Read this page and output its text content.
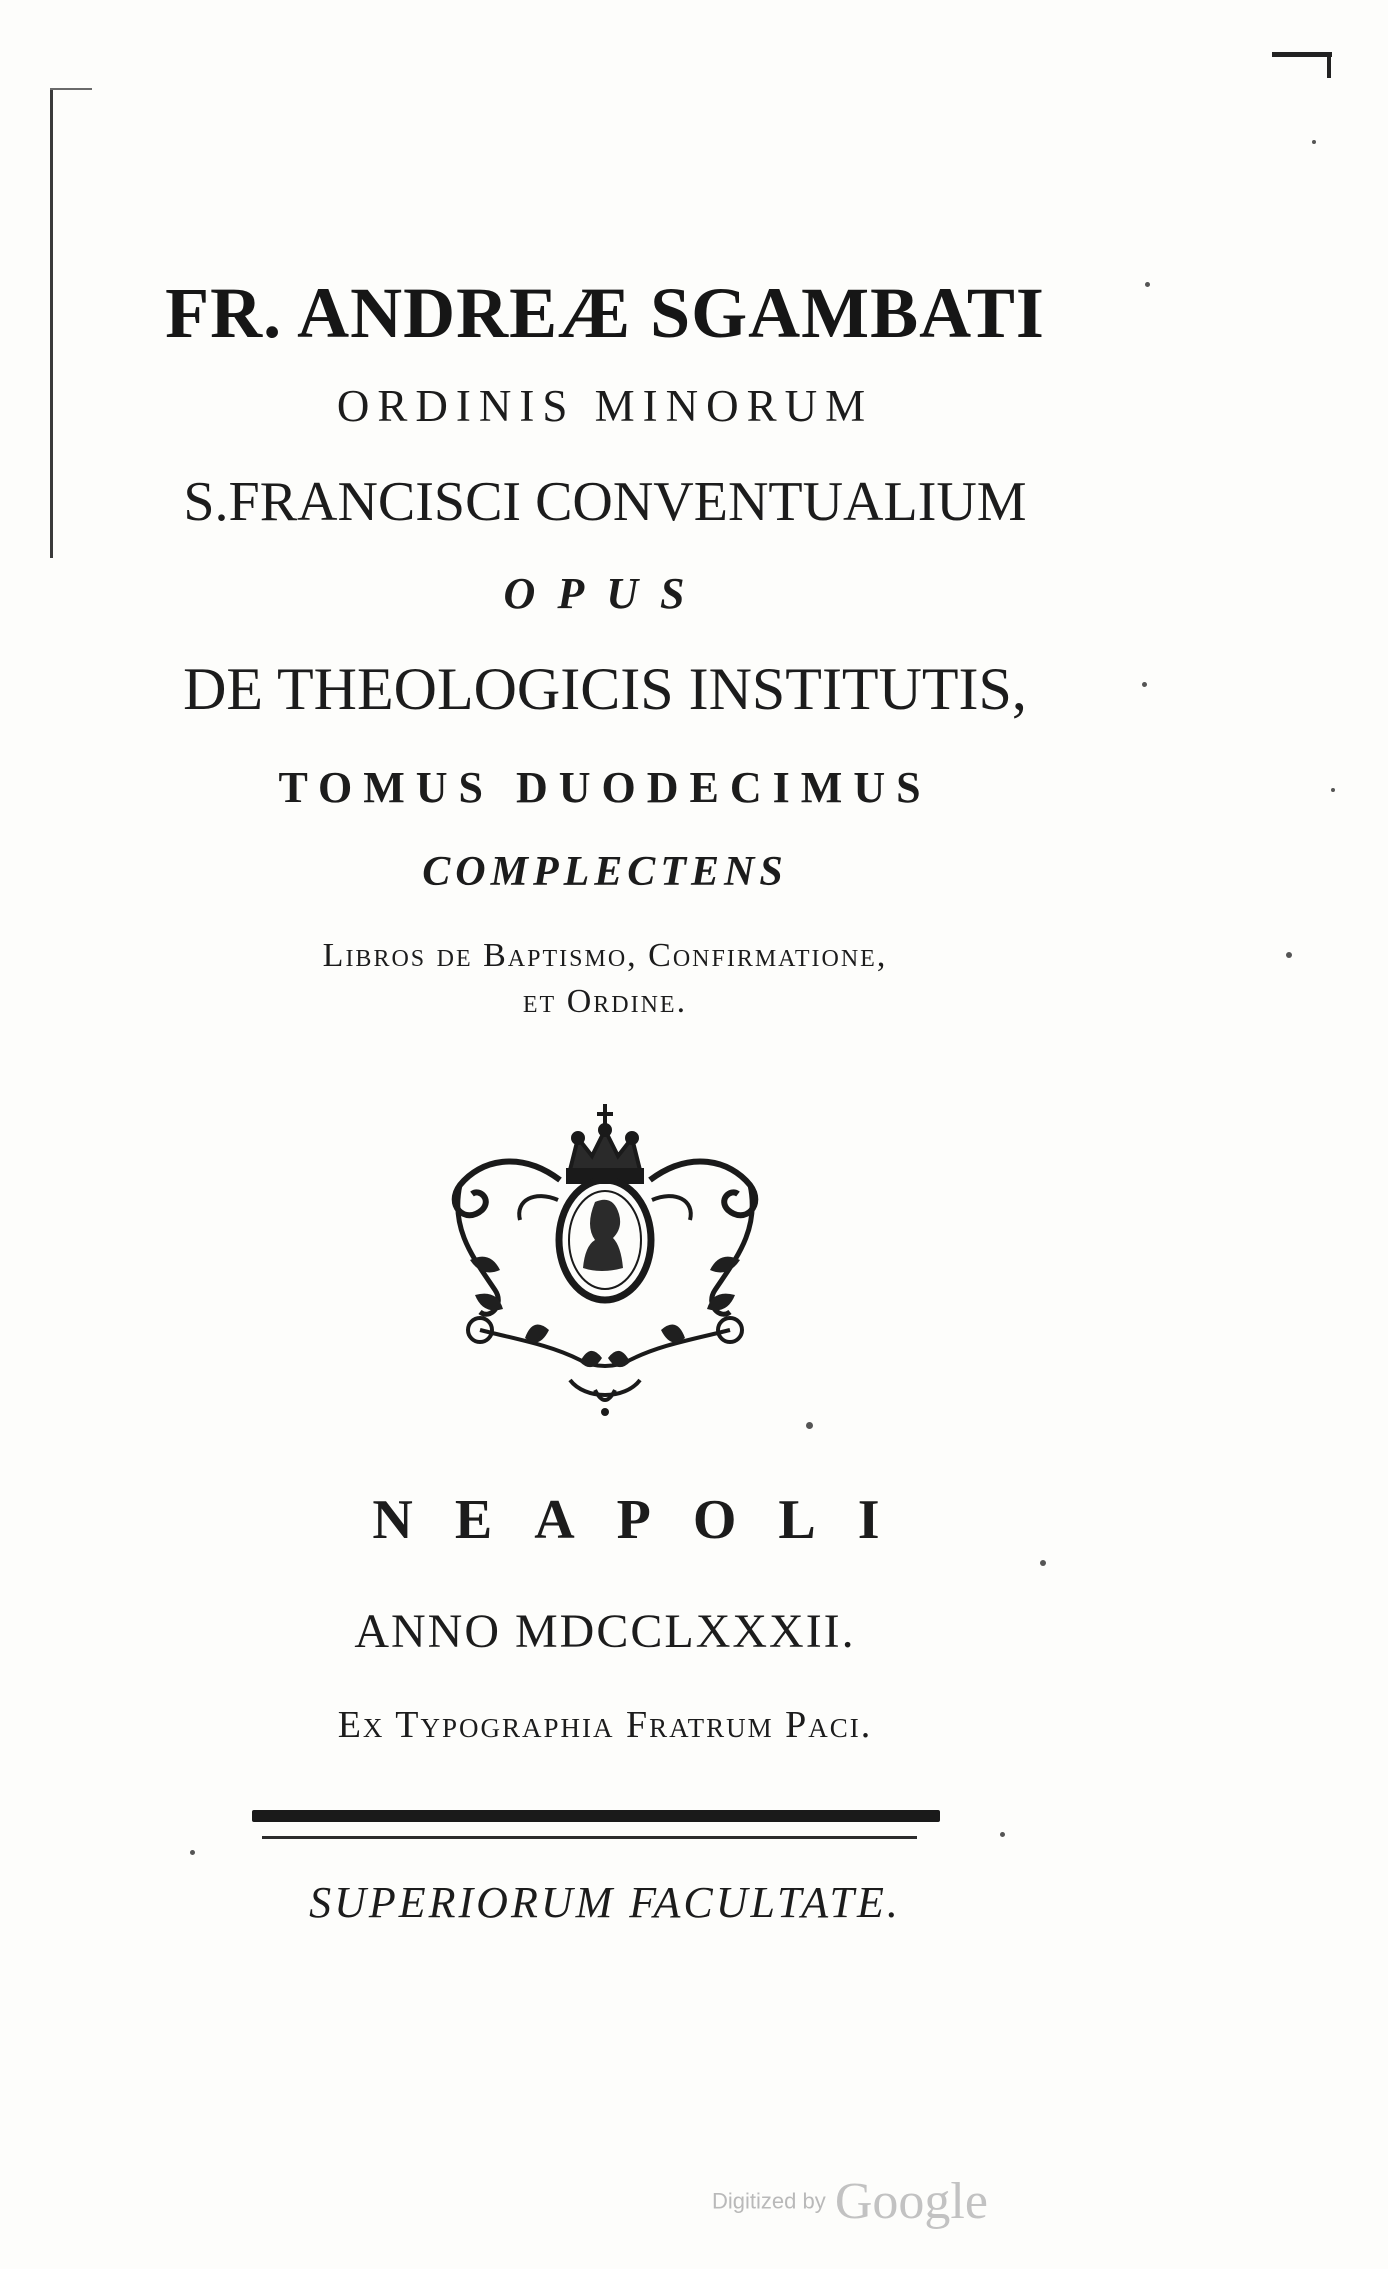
FR. ANDREÆ SGAMBATI
ORDINIS MINORUM
S.FRANCISCI CONVENTUALIUM
OPUS
DE THEOLOGICIS INSTITUTIS,
TOMUS DUODECIMUS
COMPLECTENS
Libros de Baptismo, Confirmatione,
et Ordine.
NEAPOLI
ANNO MDCCLXXXII.
Ex Typographia Fratrum Paci.
SUPERIORUM FACULTATE.
Digitized by Google
